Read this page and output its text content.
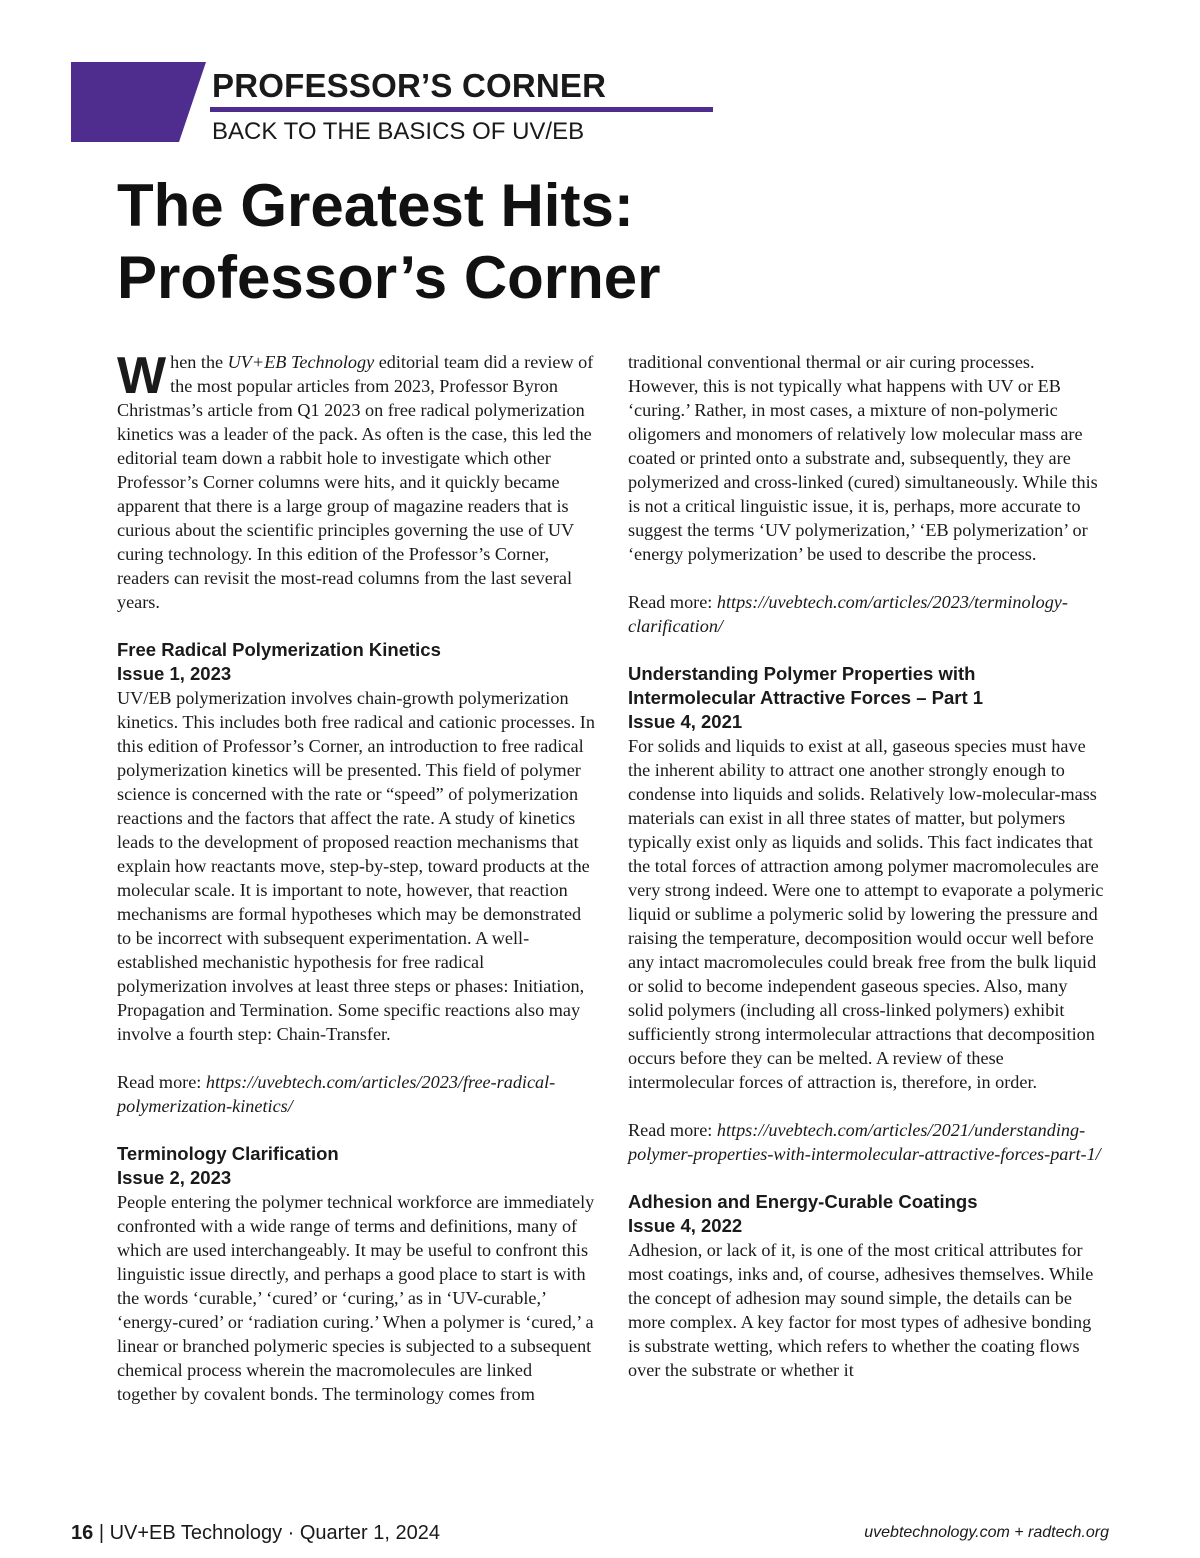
PROFESSOR’S CORNER
BACK TO THE BASICS OF UV/EB
The Greatest Hits:
Professor’s Corner

When the UV+EB Technology editorial team did a review of the most popular articles from 2023, Professor Byron Christmas’s article from Q1 2023 on free radical polymerization kinetics was a leader of the pack. As often is the case, this led the editorial team down a rabbit hole to investigate which other Professor’s Corner columns were hits, and it quickly became apparent that there is a large group of magazine readers that is curious about the scientific principles governing the use of UV curing technology. In this edition of the Professor’s Corner, readers can revisit the most-read columns from the last several years.

Free Radical Polymerization Kinetics
Issue 1, 2023

UV/EB polymerization involves chain-growth polymerization kinetics. This includes both free radical and cationic processes. In this edition of Professor’s Corner, an introduction to free radical polymerization kinetics will be presented. This field of polymer science is concerned with the rate or “speed” of polymerization reactions and the factors that affect the rate. A study of kinetics leads to the development of proposed reaction mechanisms that explain how reactants move, step-by-step, toward products at the molecular scale. It is important to note, however, that reaction mechanisms are formal hypotheses which may be demonstrated to be incorrect with subsequent experimentation. A well-established mechanistic hypothesis for free radical polymerization involves at least three steps or phases: Initiation, Propagation and Termination. Some specific reactions also may involve a fourth step: Chain-Transfer.

Read more: https://uvebtech.com/articles/2023/free-radical-polymerization-kinetics/

Terminology Clarification
Issue 2, 2023

People entering the polymer technical workforce are immediately confronted with a wide range of terms and definitions, many of which are used interchangeably. It may be useful to confront this linguistic issue directly, and perhaps a good place to start is with the words ‘curable,’ ‘cured’ or ‘curing,’ as in ‘UV-curable,’ ‘energy-cured’ or ‘radiation curing.’ When a polymer is ‘cured,’ a linear or branched polymeric species is subjected to a subsequent chemical process wherein the macromolecules are linked together by covalent bonds. The terminology comes from

traditional conventional thermal or air curing processes. However, this is not typically what happens with UV or EB ‘curing.’ Rather, in most cases, a mixture of non-polymeric oligomers and monomers of relatively low molecular mass are coated or printed onto a substrate and, subsequently, they are polymerized and cross-linked (cured) simultaneously. While this is not a critical linguistic issue, it is, perhaps, more accurate to suggest the terms ‘UV polymerization,’ ‘EB polymerization’ or ‘energy polymerization’ be used to describe the process.

Read more: https://uvebtech.com/articles/2023/terminology-clarification/

Understanding Polymer Properties with Intermolecular Attractive Forces – Part 1
Issue 4, 2021

For solids and liquids to exist at all, gaseous species must have the inherent ability to attract one another strongly enough to condense into liquids and solids. Relatively low-molecular-mass materials can exist in all three states of matter, but polymers typically exist only as liquids and solids. This fact indicates that the total forces of attraction among polymer macromolecules are very strong indeed. Were one to attempt to evaporate a polymeric liquid or sublime a polymeric solid by lowering the pressure and raising the temperature, decomposition would occur well before any intact macromolecules could break free from the bulk liquid or solid to become independent gaseous species. Also, many solid polymers (including all cross-linked polymers) exhibit sufficiently strong intermolecular attractions that decomposition occurs before they can be melted. A review of these intermolecular forces of attraction is, therefore, in order.

Read more: https://uvebtech.com/articles/2021/understanding-polymer-properties-with-intermolecular-attractive-forces-part-1/

Adhesion and Energy-Curable Coatings
Issue 4, 2022

Adhesion, or lack of it, is one of the most critical attributes for most coatings, inks and, of course, adhesives themselves. While the concept of adhesion may sound simple, the details can be more complex. A key factor for most types of adhesive bonding is substrate wetting, which refers to whether the coating flows over the substrate or whether it

16 | UV+EB Technology · Quarter 1, 2024	uvebtechnology.com + radtech.org
